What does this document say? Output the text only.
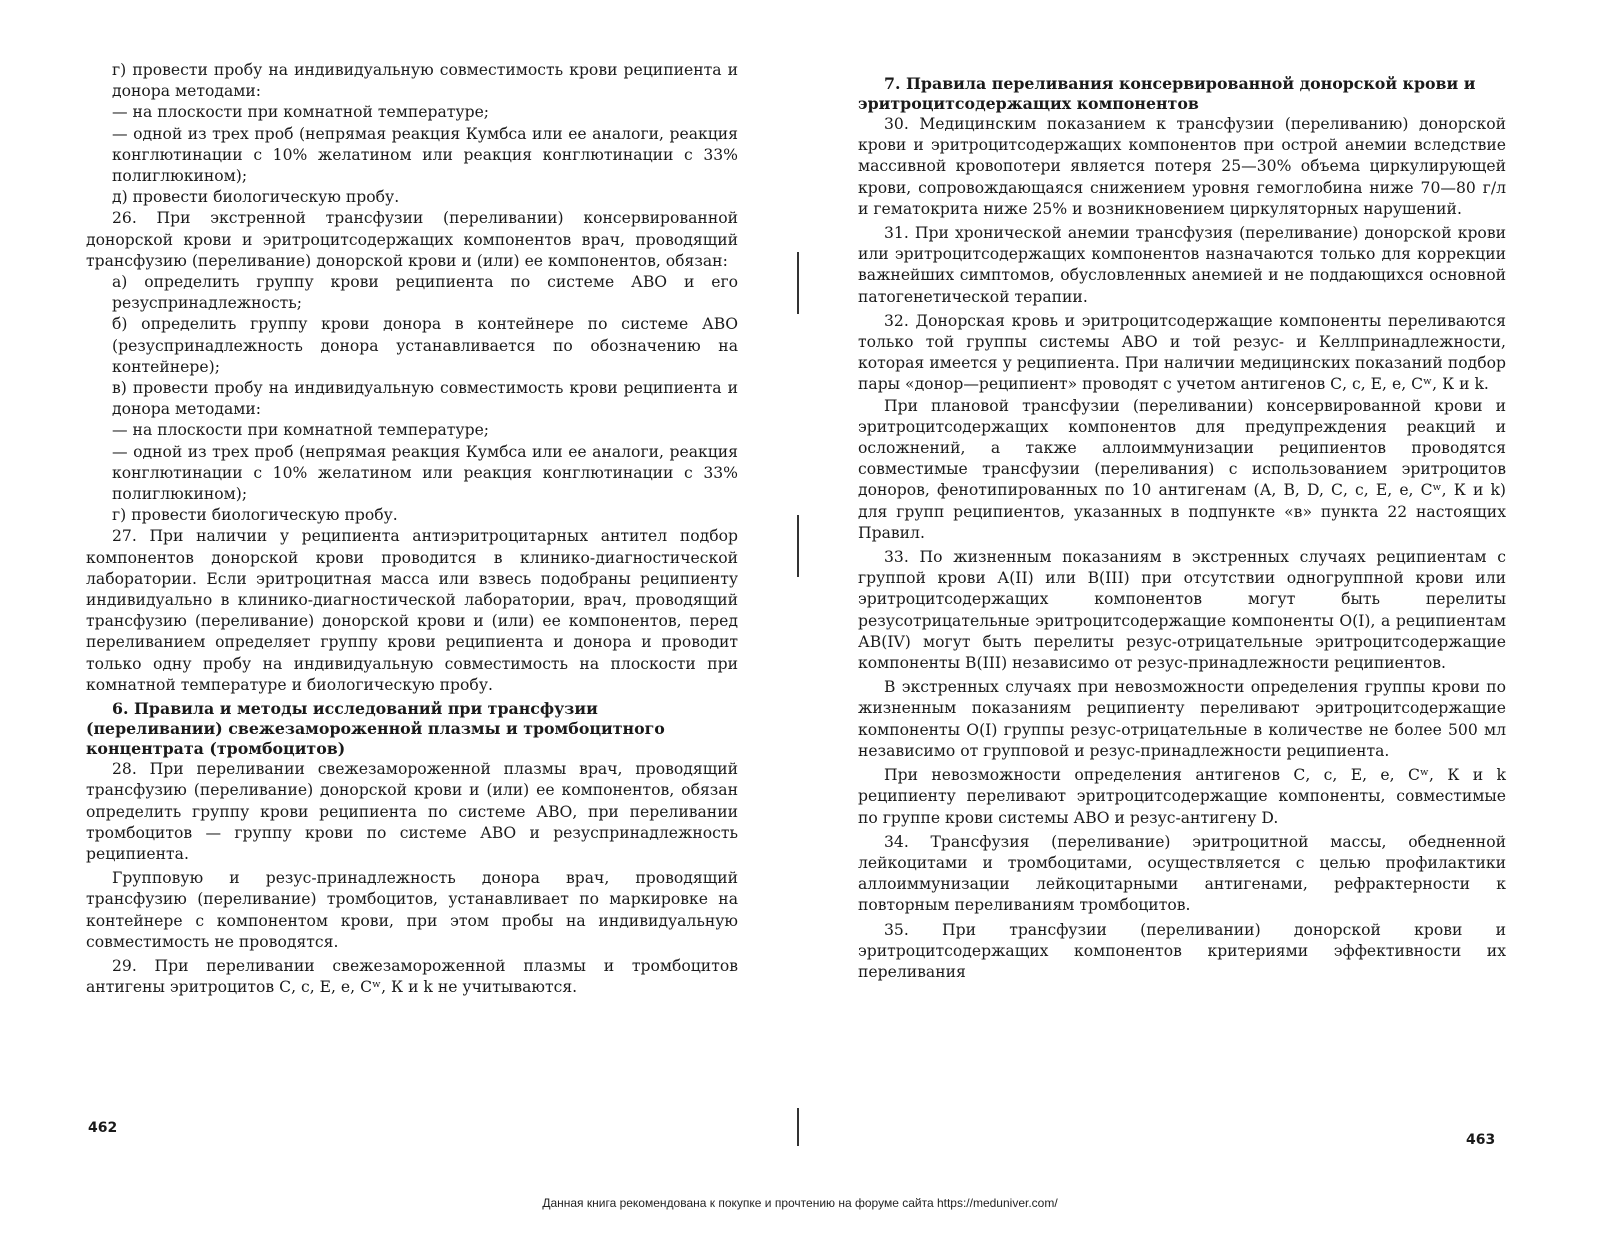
г) провести пробу на индивидуальную совместимость крови реципиента и донора методами:

— на плоскости при комнатной температуре;

— одной из трех проб (непрямая реакция Кумбса или ее аналоги, реакция конглютинации с 10% желатином или реакция конглютинации с 33% полиглюкином);

д) провести биологическую пробу.

26. При экстренной трансфузии (переливании) консервированной донорской крови и эритроцитсодержащих компонентов врач, проводящий трансфузию (переливание) донорской крови и (или) ее компонентов, обязан:

а) определить группу крови реципиента по системе АВО и его резуспринадлежность;

б) определить группу крови донора в контейнере по системе АВО (резуспринадлежность донора устанавливается по обозначению на контейнере);

в) провести пробу на индивидуальную совместимость крови реципиента и донора методами:

— на плоскости при комнатной температуре;

— одной из трех проб (непрямая реакция Кумбса или ее аналоги, реакция конглютинации с 10% желатином или реакция конглютинации с 33% полиглюкином);

г) провести биологическую пробу.

27. При наличии у реципиента антиэритроцитарных антител подбор компонентов донорской крови проводится в клинико-диагностической лаборатории. Если эритроцитная масса или взвесь подобраны реципиенту индивидуально в клинико-диагностической лаборатории, врач, проводящий трансфузию (переливание) донорской крови и (или) ее компонентов, перед переливанием определяет группу крови реципиента и донора и проводит только одну пробу на индивидуальную совместимость на плоскости при комнатной температуре и биологическую пробу.

6. Правила и методы исследований при трансфузии (переливании) свежезамороженной плазмы и тромбоцитного концентрата (тромбоцитов)

28. При переливании свежезамороженной плазмы врач, проводящий трансфузию (переливание) донорской крови и (или) ее компонентов, обязан определить группу крови реципиента по системе АВО, при переливании тромбоцитов — группу крови по системе АВО и резуспринадлежность реципиента.

Групповую и резус-принадлежность донора врач, проводящий трансфузию (переливание) тромбоцитов, устанавливает по маркировке на контейнере с компонентом крови, при этом пробы на индивидуальную совместимость не проводятся.

29. При переливании свежезамороженной плазмы и тромбоцитов антигены эритроцитов С, с, Е, е, Сʷ, К и k не учитываются.

7. Правила переливания консервированной донорской крови и эритроцитсодержащих компонентов

30. Медицинским показанием к трансфузии (переливанию) донорской крови и эритроцитсодержащих компонентов при острой анемии вследствие массивной кровопотери является потеря 25—30% объема циркулирующей крови, сопровождающаяся снижением уровня гемоглобина ниже 70—80 г/л и гематокрита ниже 25% и возникновением циркуляторных нарушений.

31. При хронической анемии трансфузия (переливание) донорской крови или эритроцитсодержащих компонентов назначаются только для коррекции важнейших симптомов, обусловленных анемией и не поддающихся основной патогенетической терапии.

32. Донорская кровь и эритроцитсодержащие компоненты переливаются только той группы системы АВО и той резус- и Келлпринадлежности, которая имеется у реципиента. При наличии медицинских показаний подбор пары «донор—реципиент» проводят с учетом антигенов С, с, Е, е, Сʷ, К и k.

При плановой трансфузии (переливании) консервированной крови и эритроцитсодержащих компонентов для предупреждения реакций и осложнений, а также аллоиммунизации реципиентов проводятся совместимые трансфузии (переливания) с использованием эритроцитов доноров, фенотипированных по 10 антигенам (А, В, D, С, с, Е, е, Сʷ, К и k) для групп реципиентов, указанных в подпункте «в» пункта 22 настоящих Правил.

33. По жизненным показаниям в экстренных случаях реципиентам с группой крови А(II) или В(III) при отсутствии одногруппной крови или эритроцитсодержащих компонентов могут быть перелиты резусотрицательные эритроцитсодержащие компоненты О(I), а реципиентам АВ(IV) могут быть перелиты резус-отрицательные эритроцитсодержащие компоненты В(III) независимо от резус-принадлежности реципиентов.

В экстренных случаях при невозможности определения группы крови по жизненным показаниям реципиенту переливают эритроцитсодержащие компоненты О(I) группы резус-отрицательные в количестве не более 500 мл независимо от групповой и резус-принадлежности реципиента.

При невозможности определения антигенов С, с, Е, е, Сʷ, К и k реципиенту переливают эритроцитсодержащие компоненты, совместимые по группе крови системы АВО и резус-антигену D.

34. Трансфузия (переливание) эритроцитной массы, обедненной лейкоцитами и тромбоцитами, осуществляется с целью профилактики аллоиммунизации лейкоцитарными антигенами, рефрактерности к повторным переливаниям тромбоцитов.

35. При трансфузии (переливании) донорской крови и эритроцитсодержащих компонентов критериями эффективности их переливания

462
463
Данная книга рекомендована к покупке и прочтению на форуме сайта https://meduniver.com/
